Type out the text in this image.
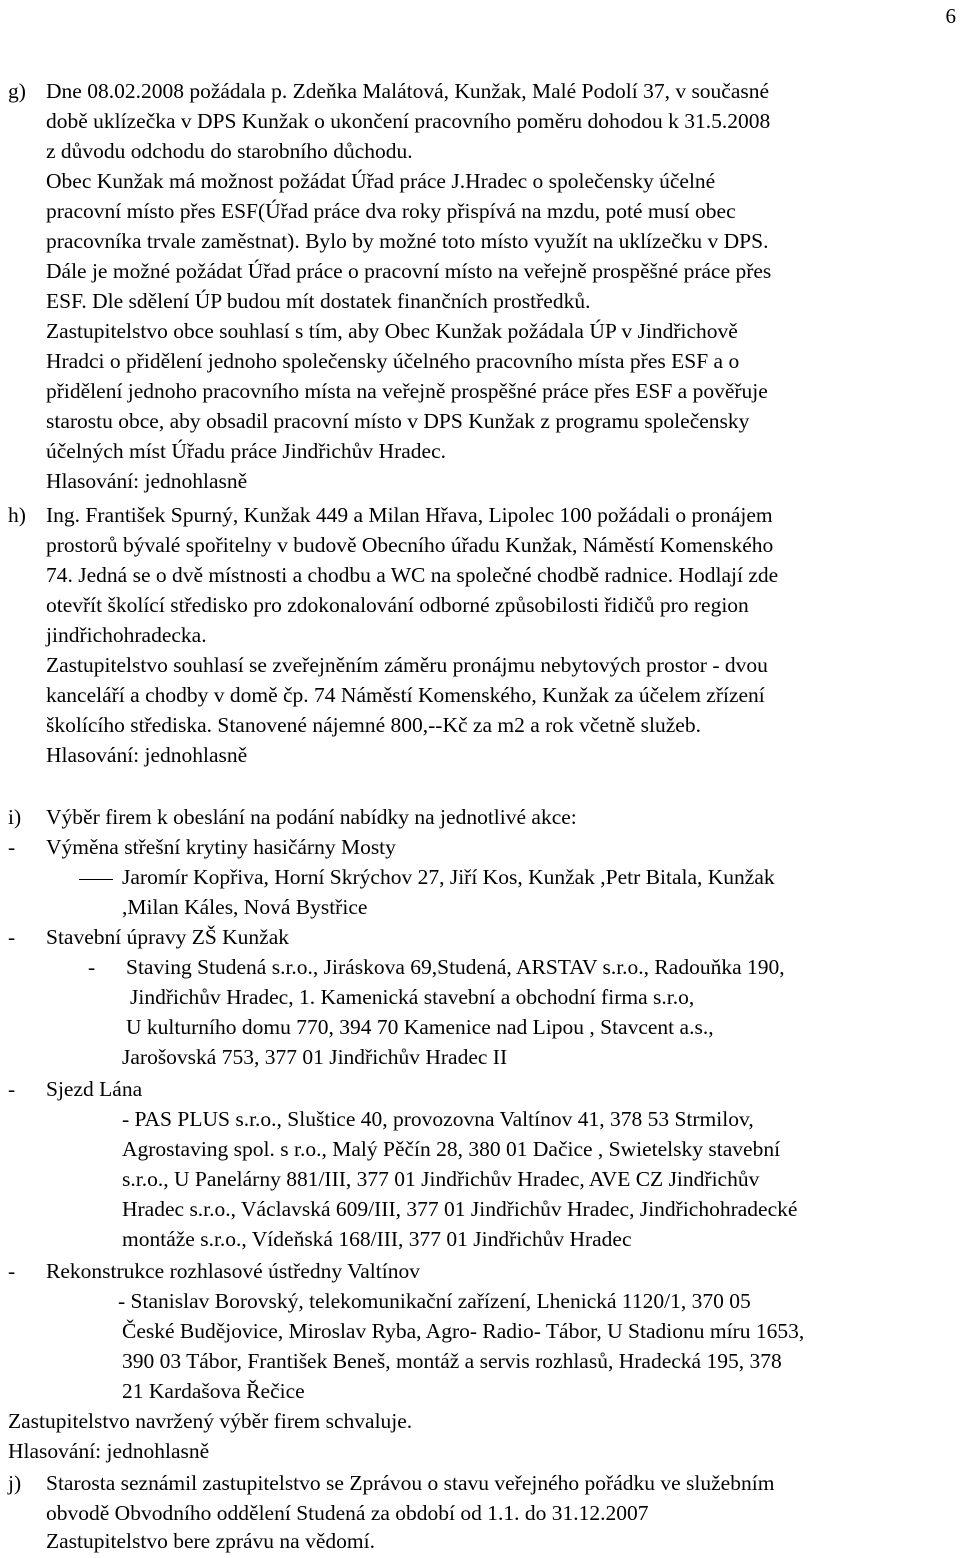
6
g) Dne 08.02.2008 požádala p. Zdeňka Malátová, Kunžak, Malé Podolí 37, v současné
době uklízečka v DPS Kunžak o ukončení pracovního poměru dohodou k 31.5.2008
z důvodu odchodu do starobního důchodu.
Obec Kunžak má možnost požádat Úřad práce J.Hradec o společensky účelné
pracovní místo přes ESF(Úřad práce dva roky přispívá na mzdu, poté musí obec
pracovníka trvale zaměstnat). Bylo by možné toto místo využít na uklízečku v DPS.
Dále je možné požádat Úřad práce o pracovní místo na veřejně prospěšné práce přes
ESF. Dle sdělení ÚP budou mít dostatek finančních prostředků.
Zastupitelstvo obce souhlasí s tím, aby Obec Kunžak požádala ÚP v Jindřichově
Hradci o přidělení jednoho společensky účelného pracovního místa přes ESF a o
přidělení jednoho pracovního místa na veřejně prospěšné práce přes ESF a pověřuje
starostu obce, aby obsadil pracovní místo v DPS Kunžak z programu společensky
účelných míst Úřadu práce Jindřichův Hradec.
Hlasování: jednohlasně
h) Ing. František Spurný, Kunžak 449 a Milan Hřava, Lipolec 100 požádali o pronájem
prostorů bývalé spořitelny v budově Obecního úřadu Kunžak, Náměstí Komenského
74. Jedná se o dvě místnosti a chodbu a WC na společné chodbě radnice. Hodlají zde
otevřít školící středisko pro zdokonalování odborné způsobilosti řidičů pro region
jindřichohradecka.
Zastupitelstvo souhlasí se zveřejněním záměru pronájmu nebytových prostor - dvou
kanceláří a chodby v domě čp. 74 Náměstí Komenského, Kunžak za účelem zřízení
školícího střediska. Stanovené nájemné 800,--Kč za m2 a rok včetně služeb.
Hlasování: jednohlasně
i) Výběr firem k obeslání na podání nabídky na jednotlivé akce:
- Výměna střešní krytiny hasičárny Mosty
Jaromír Kopřiva, Horní Skrýchov 27, Jiří Kos, Kunžak ,Petr Bitala, Kunžak
,Milan Káles, Nová Bystřice
- Stavební úpravy ZŠ Kunžak
- Staving Studená s.r.o., Jiráskova 69,Studená, ARSTAV s.r.o., Radouňka 190,
Jindřichův Hradec, 1. Kamenická stavební a obchodní firma s.r.o,
U kulturního domu 770, 394 70 Kamenice nad Lipou , Stavcent a.s.,
Jarošovská 753, 377 01 Jindřichův Hradec II
- Sjezd Lána
- PAS PLUS s.r.o., Sluštice 40, provozovna Valtínov 41, 378 53 Strmilov,
Agrostaving spol. s r.o., Malý Pěčín 28, 380 01 Dačice , Swietelsky stavební
s.r.o., U Panelárny 881/III, 377 01 Jindřichův Hradec, AVE CZ Jindřichův
Hradec s.r.o., Václavská 609/III, 377 01 Jindřichův Hradec, Jindřichohradecké
montáže s.r.o., Vídeňská 168/III, 377 01 Jindřichův Hradec
- Rekonstrukce rozhlasové ústředny Valtínov
- Stanislav Borovský, telekomunikační zařízení, Lhenická 1120/1, 370 05
České Budějovice, Miroslav Ryba, Agro- Radio- Tábor, U Stadionu míru 1653,
390 03 Tábor, František Beneš, montáž a servis rozhlasů, Hradecká 195, 378
21 Kardašova Řečice
Zastupitelstvo navržený výběr firem schvaluje.
Hlasování: jednohlasně
j) Starosta seznámil zastupitelstvo se Zprávou o stavu veřejného pořádku ve služebním
obvodě Obvodního oddělení Studená za období od 1.1. do 31.12.2007
Zastupitelstvo bere zprávu na vědomí.
